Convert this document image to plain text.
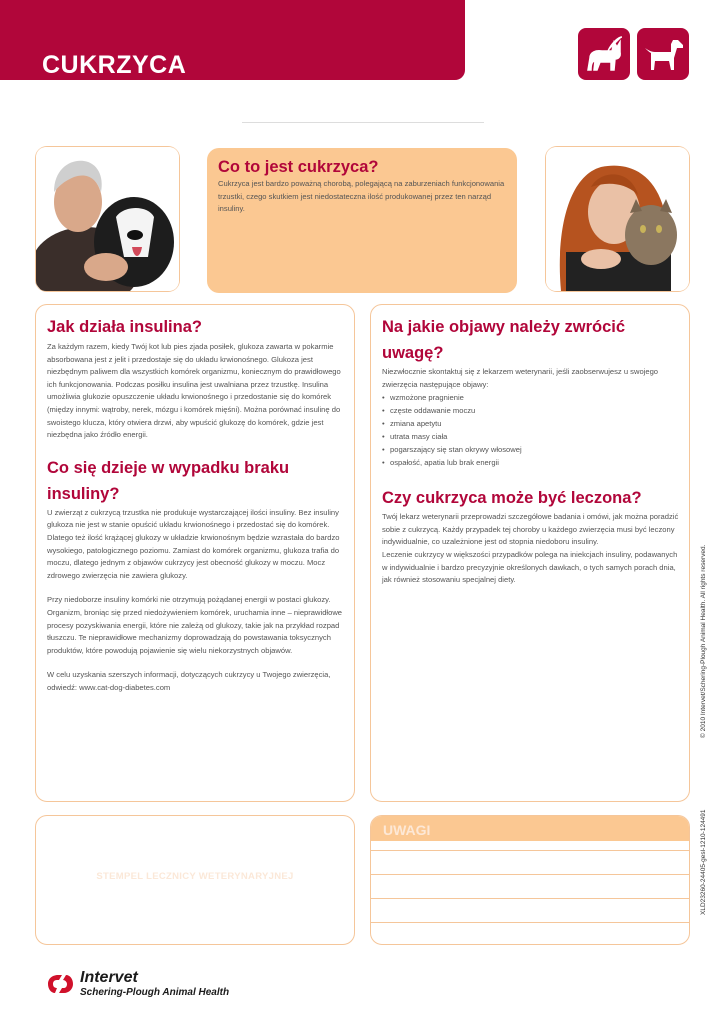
CUKRZYCA
Co to jest cukrzyca?

Cukrzyca jest bardzo poważną chorobą, polegającą na zaburzeniach funkcjonowania trzustki, czego skutkiem jest niedostateczna ilość produkowanej przez ten narząd insuliny.

Jak działa insulina?

Za każdym razem, kiedy Twój kot lub pies zjada posiłek, glukoza zawarta w pokarmie absorbowana jest z jelit i przedostaje się do układu krwionośnego. Glukoza jest niezbędnym paliwem dla wszystkich komórek organizmu, koniecznym do prawidłowego ich funkcjonowania. Podczas posiłku insulina jest uwalniana przez trzustkę. Insulina umożliwia glukozie opuszczenie układu krwionośnego i przedostanie się do komórek (między innymi: wątroby, nerek, mózgu i komórek mięśni). Można porównać insulinę do swoistego klucza, który otwiera drzwi, aby wpuścić glukozę do komórek, gdzie jest niezbędna jako źródło energii.

Co się dzieje w wypadku braku insuliny?

U zwierząt z cukrzycą trzustka nie produkuje wystarczającej ilości insuliny. Bez insuliny glukoza nie jest w stanie opuścić układu krwionośnego i przedostać się do komórek. Dlatego też ilość krążącej glukozy w układzie krwionośnym będzie wzrastała do bardzo wysokiego, patologicznego poziomu. Zamiast do komórek organizmu, glukoza trafia do moczu, dlatego jednym z objawów cukrzycy jest obecność glukozy w moczu. Mocz zdrowego zwierzęcia nie zawiera glukozy.

Przy niedoborze insuliny komórki nie otrzymują pożądanej energii w postaci glukozy. Organizm, broniąc się przed niedożywieniem komórek, uruchamia inne – nieprawidłowe procesy pozyskiwania energii, które nie zależą od glukozy, takie jak na przykład rozpad tłuszczu. Te nieprawidłowe mechanizmy doprowadzają do powstawania toksycznych produktów, które powodują pojawienie się wielu niekorzystnych objawów.

W celu uzyskania szerszych informacji, dotyczących cukrzycy u Twojego zwierzęcia, odwiedź: www.cat-dog-diabetes.com

Na jakie objawy należy zwrócić uwagę?

Niezwłocznie skontaktuj się z lekarzem weterynarii, jeśli zaobserwujesz u swojego zwierzęcia następujące objawy:

• wzmożone pragnienie
• częste oddawanie moczu
• zmiana apetytu
• utrata masy ciała
• pogarszający się stan okrywy włosowej
• ospałość, apatia lub brak energii
Czy cukrzyca może być leczona?

Twój lekarz weterynarii przeprowadzi szczegółowe badania i omówi, jak można poradzić sobie z cukrzycą. Każdy przypadek tej choroby u każdego zwierzęcia musi być leczony indywidualnie, co uzależnione jest od stopnia niedoboru insuliny.

Leczenie cukrzycy w większości przypadków polega na iniekcjach insuliny, podawanych w indywidualnie i bardzo precyzyjnie określonych dawkach, o tych samych porach dnia, jak również stosowaniu specjalnej diety.

STEMPEL LECZNICY WETERYNARYJNEJ
UWAGI
Intervet
Schering-Plough Animal Health
© 2010 Intervet/Schering-Plough Animal Health. All rights reserved.
XLD23260-24405-gesl-1210-124491
